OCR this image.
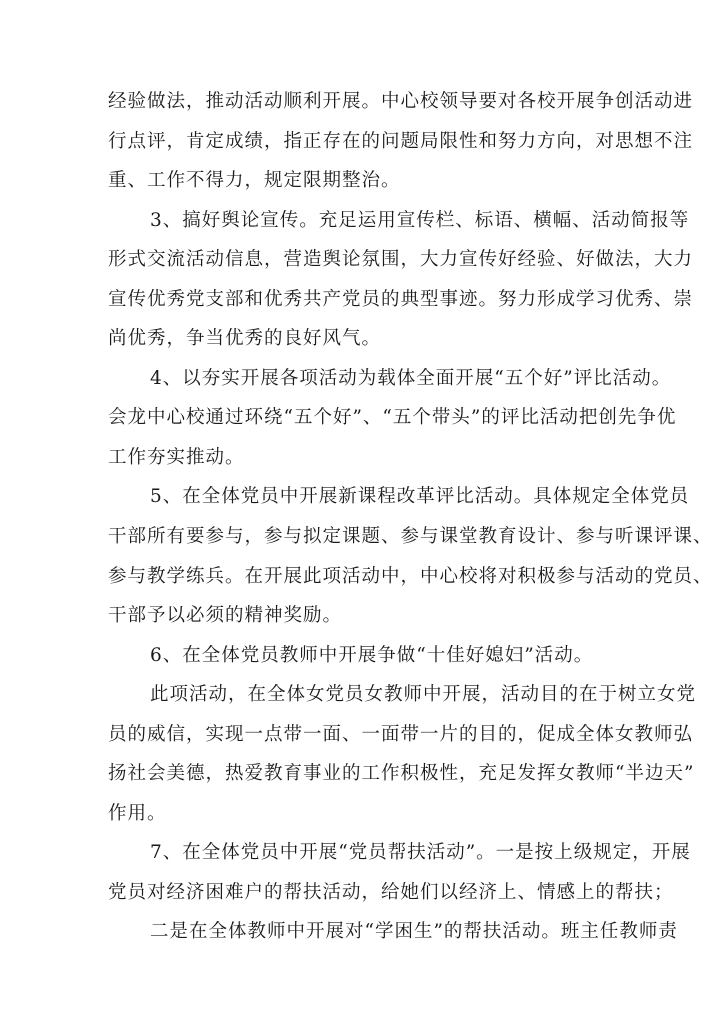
经验做法，推动活动顺利开展。中心校领导要对各校开展争创活动进
行点评，肯定成绩，指正存在的问题局限性和努力方向，对思想不注
重、工作不得力，规定限期整治。
3、搞好舆论宣传。充足运用宣传栏、标语、横幅、活动简报等
形式交流活动信息，营造舆论氛围，大力宣传好经验、好做法，大力
宣传优秀党支部和优秀共产党员的典型事迹。努力形成学习优秀、崇
尚优秀，争当优秀的良好风气。
4、以夯实开展各项活动为载体全面开展“五个好”评比活动。
会龙中心校通过环绕“五个好”、“五个带头”的评比活动把创先争优
工作夯实推动。
5、在全体党员中开展新课程改革评比活动。具体规定全体党员
干部所有要参与，参与拟定课题、参与课堂教育设计、参与听课评课、
参与教学练兵。在开展此项活动中，中心校将对积极参与活动的党员、
干部予以必须的精神奖励。
6、在全体党员教师中开展争做“十佳好媳妇”活动。
此项活动，在全体女党员女教师中开展，活动目的在于树立女党
员的威信，实现一点带一面、一面带一片的目的，促成全体女教师弘
扬社会美德，热爱教育事业的工作积极性，充足发挥女教师“半边天”
作用。
7、在全体党员中开展“党员帮扶活动”。一是按上级规定，开展
党员对经济困难户的帮扶活动，给她们以经济上、情感上的帮扶；
二是在全体教师中开展对“学困生”的帮扶活动。班主任教师责
